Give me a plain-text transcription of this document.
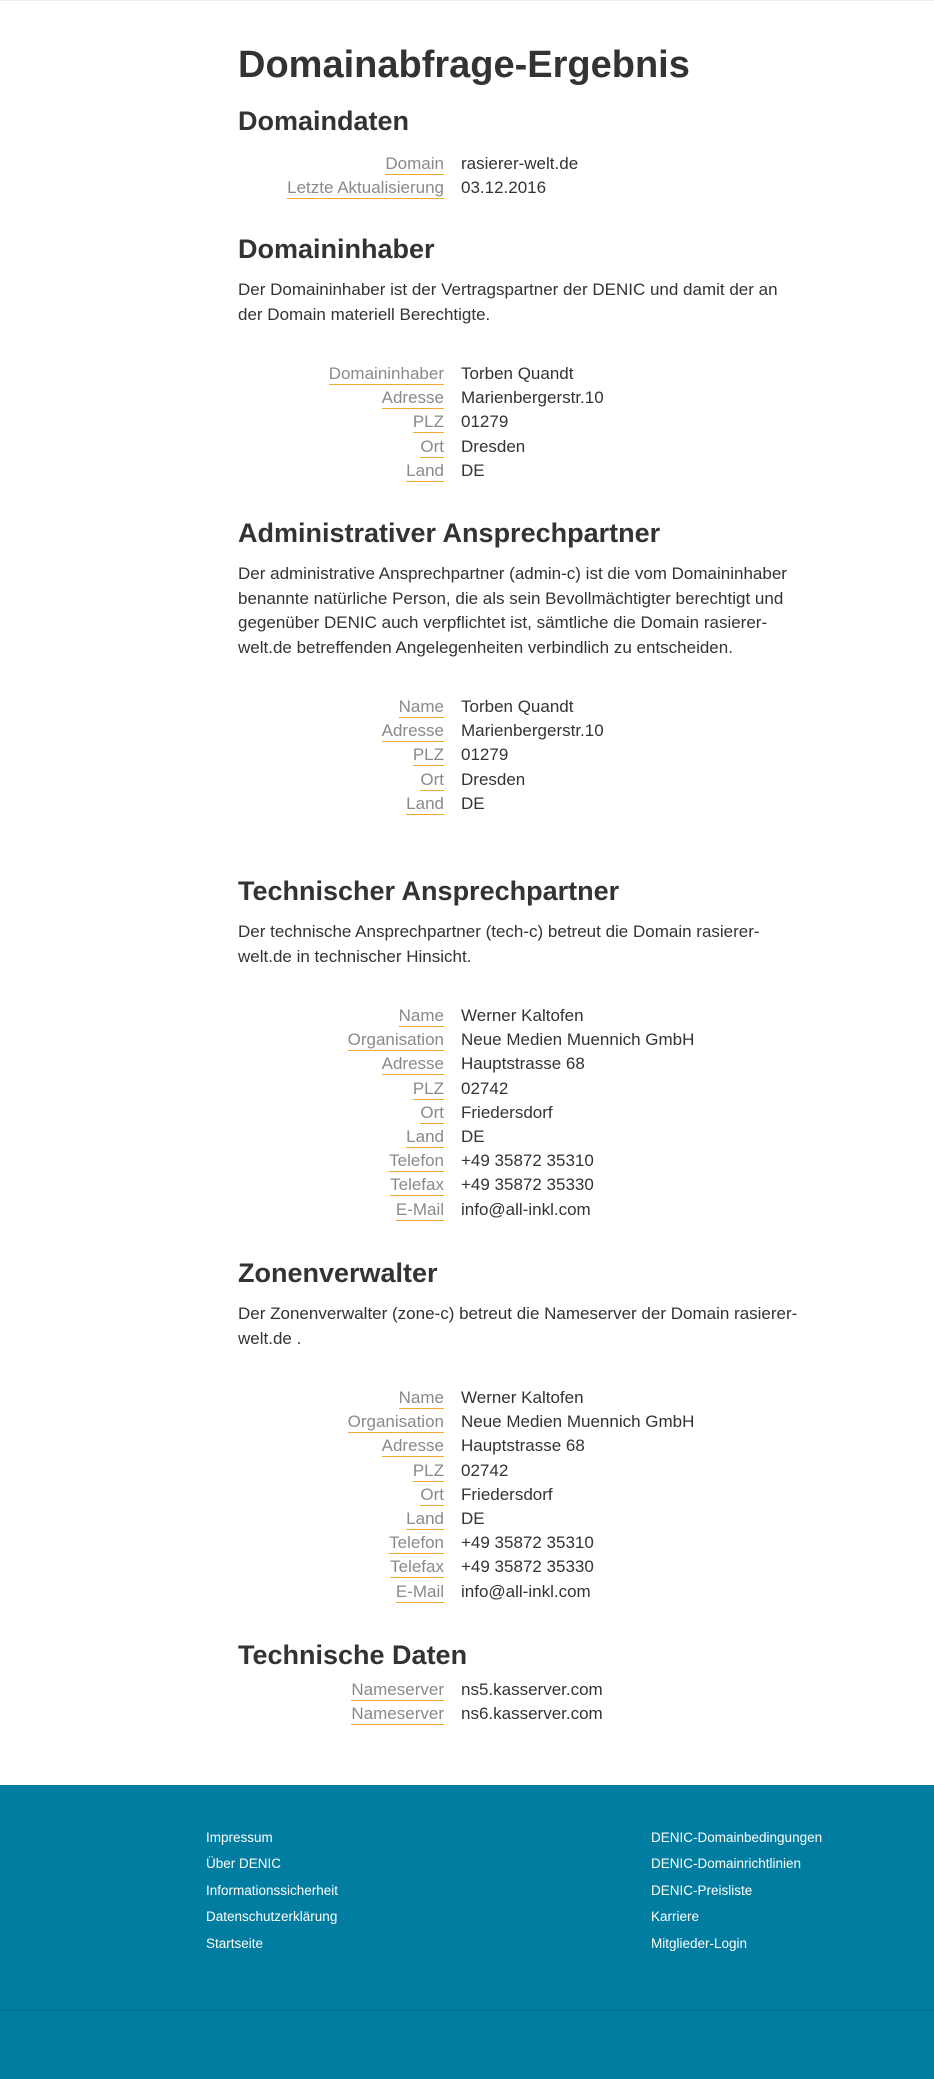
Domainabfrage-Ergebnis
Domaindaten
Domain rasierer-welt.de
Letzte Aktualisierung 03.12.2016
Domaininhaber

Der Domaininhaber ist der Vertragspartner der DENIC und damit der an der Domain materiell Berechtigte.

Domaininhaber Torben Quandt
Adresse Marienbergerstr.10
PLZ 01279
Ort Dresden
Land DE
Administrativer Ansprechpartner

Der administrative Ansprechpartner (admin-c) ist die vom Domaininhaber benannte natürliche Person, die als sein Bevollmächtigter berechtigt und gegenüber DENIC auch verpflichtet ist, sämtliche die Domain rasierer-welt.de betreffenden Angelegenheiten verbindlich zu entscheiden.

Name Torben Quandt
Adresse Marienbergerstr.10
PLZ 01279
Ort Dresden
Land DE
Technischer Ansprechpartner

Der technische Ansprechpartner (tech-c) betreut die Domain rasierer-welt.de in technischer Hinsicht.

Name Werner Kaltofen
Organisation Neue Medien Muennich GmbH
Adresse Hauptstrasse 68
PLZ 02742
Ort Friedersdorf
Land DE
Telefon +49 35872 35310
Telefax +49 35872 35330
E-Mail info@all-inkl.com
Zonenverwalter

Der Zonenverwalter (zone-c) betreut die Nameserver der Domain rasierer-welt.de .

Name Werner Kaltofen
Organisation Neue Medien Muennich GmbH
Adresse Hauptstrasse 68
PLZ 02742
Ort Friedersdorf
Land DE
Telefon +49 35872 35310
Telefax +49 35872 35330
E-Mail info@all-inkl.com
Technische Daten
Nameserver ns5.kasserver.com
Nameserver ns6.kasserver.com
Impressum
Über DENIC
Informationssicherheit
Datenschutzerklärung
Startseite
DENIC-Domainbedingungen
DENIC-Domainrichtlinien
DENIC-Preisliste
Karriere
Mitglieder-Login
